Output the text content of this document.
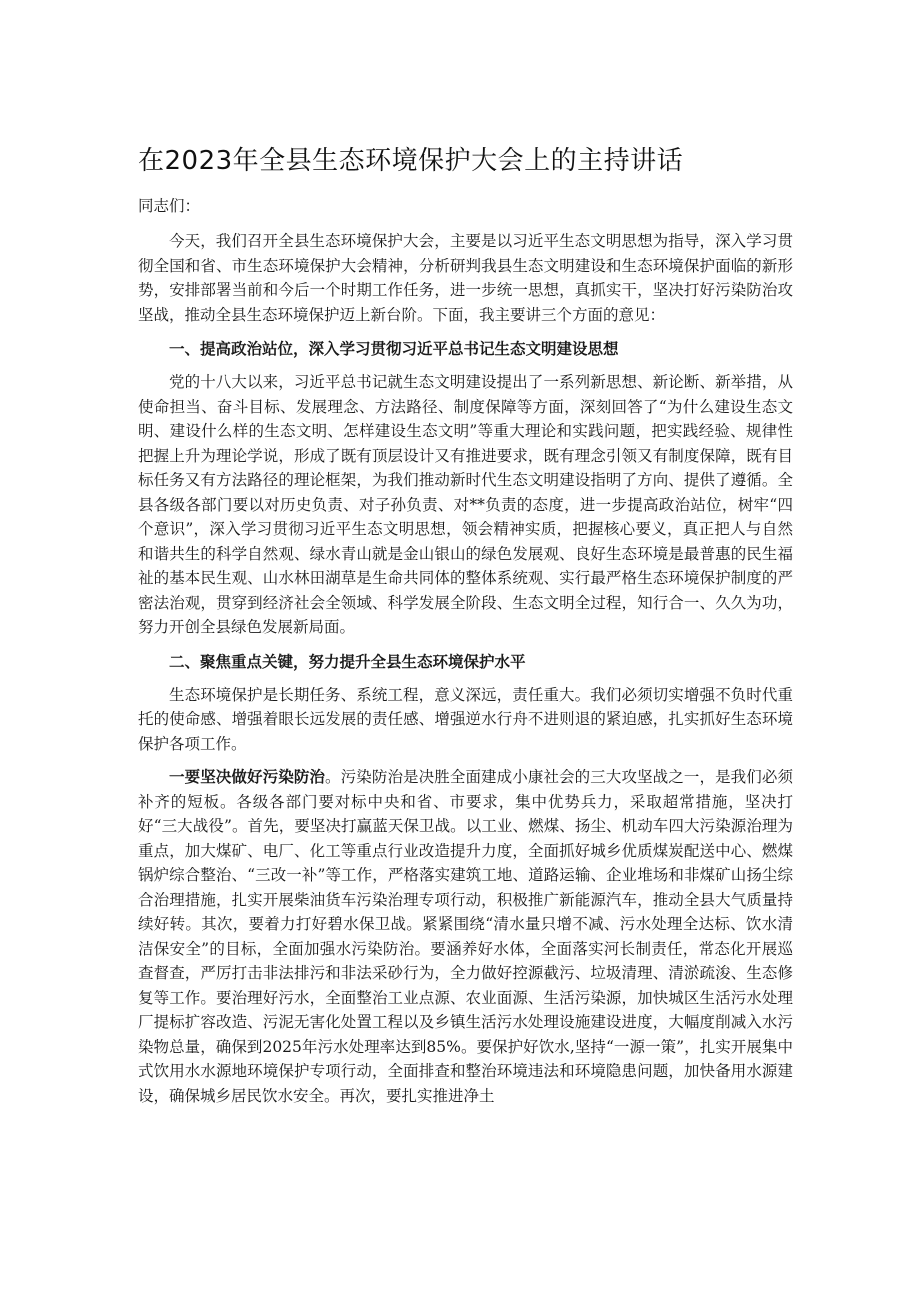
在2023年全县生态环境保护大会上的主持讲话

同志们：

今天，我们召开全县生态环境保护大会，主要是以习近平生态文明思想为指导，深入学习贯彻全国和省、市生态环境保护大会精神，分析研判我县生态文明建设和生态环境保护面临的新形势，安排部署当前和今后一个时期工作任务，进一步统一思想，真抓实干，坚决打好污染防治攻坚战，推动全县生态环境保护迈上新台阶。下面，我主要讲三个方面的意见：

一、提高政治站位，深入学习贯彻习近平总书记生态文明建设思想

党的十八大以来，习近平总书记就生态文明建设提出了一系列新思想、新论断、新举措，从使命担当、奋斗目标、发展理念、方法路径、制度保障等方面，深刻回答了“为什么建设生态文明、建设什么样的生态文明、怎样建设生态文明”等重大理论和实践问题，把实践经验、规律性把握上升为理论学说，形成了既有顶层设计又有推进要求，既有理念引领又有制度保障，既有目标任务又有方法路径的理论框架，为我们推动新时代生态文明建设指明了方向、提供了遵循。全县各级各部门要以对历史负责、对子孙负责、对**负责的态度，进一步提高政治站位，树牢“四个意识”，深入学习贯彻习近平生态文明思想，领会精神实质，把握核心要义，真正把人与自然和谐共生的科学自然观、绿水青山就是金山银山的绿色发展观、良好生态环境是最普惠的民生福祉的基本民生观、山水林田湖草是生命共同体的整体系统观、实行最严格生态环境保护制度的严密法治观，贯穿到经济社会全领域、科学发展全阶段、生态文明全过程，知行合一、久久为功，努力开创全县绿色发展新局面。

二、聚焦重点关键，努力提升全县生态环境保护水平

生态环境保护是长期任务、系统工程，意义深远，责任重大。我们必须切实增强不负时代重托的使命感、增强着眼长远发展的责任感、增强逆水行舟不进则退的紧迫感，扎实抓好生态环境保护各项工作。

一要坚决做好污染防治。污染防治是决胜全面建成小康社会的三大攻坚战之一，是我们必须补齐的短板。各级各部门要对标中央和省、市要求，集中优势兵力，采取超常措施，坚决打好“三大战役”。首先，要坚决打赢蓝天保卫战。以工业、燃煤、扬尘、机动车四大污染源治理为重点，加大煤矿、电厂、化工等重点行业改造提升力度，全面抓好城乡优质煤炭配送中心、燃煤锅炉综合整治、“三改一补”等工作，严格落实建筑工地、道路运输、企业堆场和非煤矿山扬尘综合治理措施，扎实开展柴油货车污染治理专项行动，积极推广新能源汽车，推动全县大气质量持续好转。其次，要着力打好碧水保卫战。紧紧围绕“清水量只增不减、污水处理全达标、饮水清洁保安全”的目标，全面加强水污染防治。要涵养好水体，全面落实河长制责任，常态化开展巡查督查，严厉打击非法排污和非法采砂行为，全力做好控源截污、垃圾清理、清淤疏浚、生态修复等工作。要治理好污水，全面整治工业点源、农业面源、生活污染源，加快城区生活污水处理厂提标扩容改造、污泥无害化处置工程以及乡镇生活污水处理设施建设进度，大幅度削减入水污染物总量，确保到2025年污水处理率达到85%。要保护好饮水,坚持“一源一策”，扎实开展集中式饮用水水源地环境保护专项行动，全面排查和整治环境违法和环境隐患问题，加快备用水源建设，确保城乡居民饮水安全。再次，要扎实推进净土
